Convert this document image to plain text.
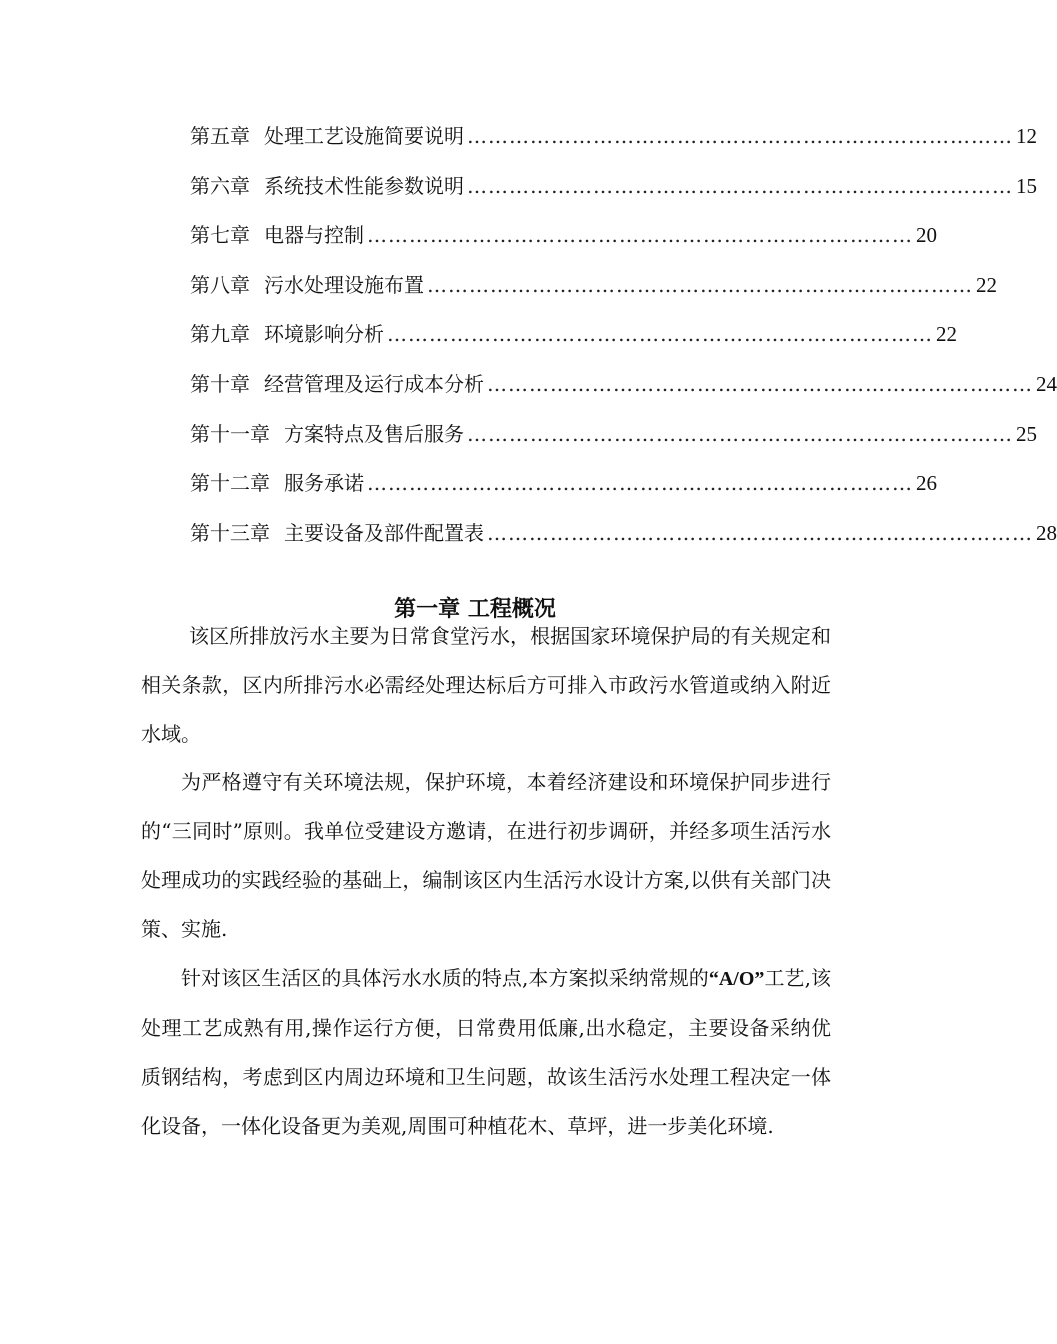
第五章 处理工艺设施简要说明 …………………………………………………………………… 12
第六章 系统技术性能参数说明 …………………………………………………………………… 15
第七章 电器与控制 …………………………………………………………………… 20
第八章 污水处理设施布置 …………………………………………………………………… 22
第九章 环境影响分析 …………………………………………………………………… 22
第十章 经营管理及运行成本分析 …………………………………………………………………… 24
第十一章 方案特点及售后服务 …………………………………………………………………… 25
第十二章 服务承诺 …………………………………………………………………… 26
第十三章 主要设备及部件配置表 …………………………………………………………………… 28
第一章 工程概况

该区所排放污水主要为日常食堂污水，根据国家环境保护局的有关规定和相关条款，区内所排污水必需经处理达标后方可排入市政污水管道或纳入附近水域。

为严格遵守有关环境法规，保护环境，本着经济建设和环境保护同步进行的“三同时”原则。我单位受建设方邀请，在进行初步调研，并经多项生活污水处理成功的实践经验的基础上，编制该区内生活污水设计方案,以供有关部门决策、实施.

针对该区生活区的具体污水水质的特点,本方案拟采纳常规的“A/O”工艺,该处理工艺成熟有用,操作运行方便，日常费用低廉,出水稳定，主要设备采纳优质钢结构，考虑到区内周边环境和卫生问题，故该生活污水处理工程决定一体化设备，一体化设备更为美观,周围可种植花木、草坪，进一步美化环境.
